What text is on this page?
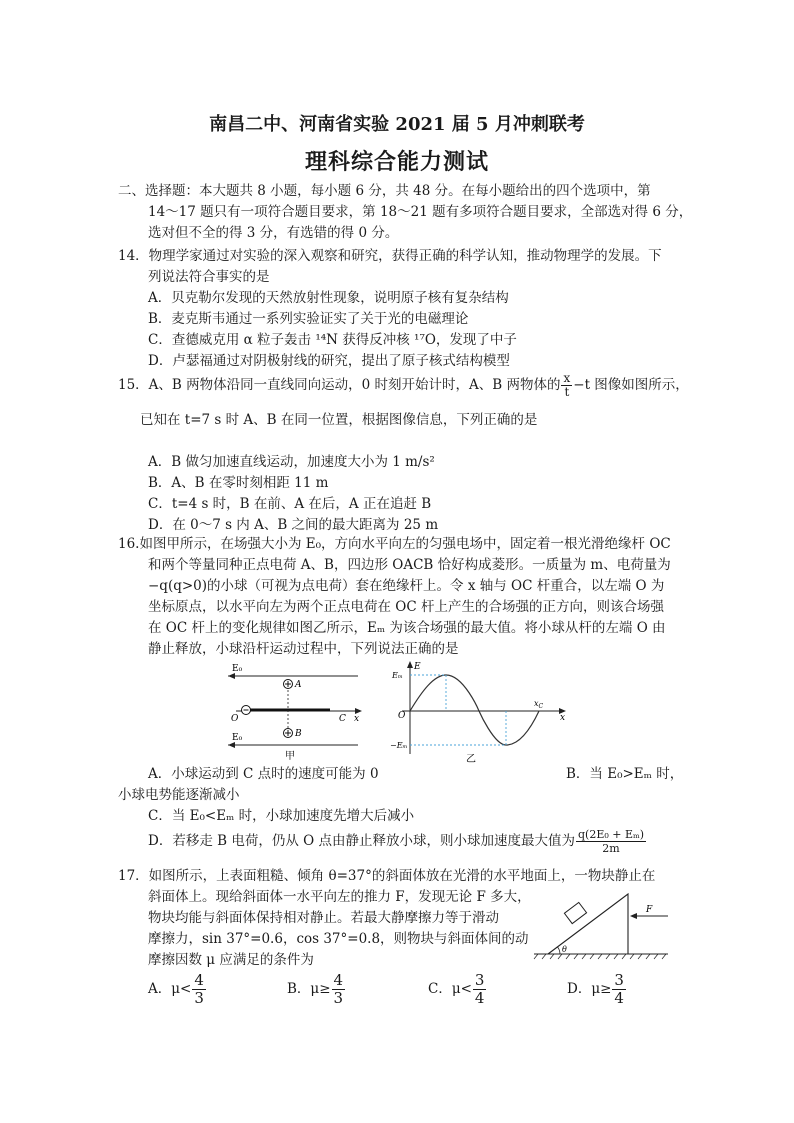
南昌二中、河南省实验 2021 届 5 月冲刺联考
理科综合能力测试
二、选择题：本大题共 8 小题，每小题 6 分，共 48 分。在每小题给出的四个选项中，第
14～17 题只有一项符合题目要求，第 18～21 题有多项符合题目要求，全部选对得 6 分，
选对但不全的得 3 分，有选错的得 0 分。
14．物理学家通过对实验的深入观察和研究，获得正确的科学认知，推动物理学的发展。下
列说法符合事实的是
A．贝克勒尔发现的天然放射性现象，说明原子核有复杂结构
B．麦克斯韦通过一系列实验证实了关于光的电磁理论
C．查德威克用 α 粒子轰击 ¹⁴N 获得反冲核 ¹⁷O，发现了中子
D．卢瑟福通过对阴极射线的研究，提出了原子核式结构模型
15．A、B 两物体沿同一直线同向运动，0 时刻开始计时，A、B 两物体的 $\frac{x}{t} -t$ 图像如图所示，
已知在 t=7 s 时 A、B 在同一位置，根据图像信息，下列正确的是
A．B 做匀加速直线运动，加速度大小为 1 m/s²
B．A、B 在零时刻相距 11 m
C．t=4 s 时，B 在前、A 在后，A 正在追赶 B
D．在 0～7 s 内 A、B 之间的最大距离为 25 m
16.如图甲所示，在场强大小为 E₀，方向水平向左的匀强电场中，固定着一根光滑绝缘杆 OC
和两个等量同种正点电荷 A、B，四边形 OACB 恰好构成菱形。一质量为 m、电荷量为
−q(q>0)的小球（可视为点电荷）套在绝缘杆上。令 x 轴与 OC 杆重合，以左端 O 为
坐标原点，以水平向左为两个正点电荷在 OC 杆上产生的合场强的正方向，则该合场强
在 OC 杆上的变化规律如图乙所示，Eₘ 为该合场强的最大值。将小球从杆的左端 O 由
静止释放，小球沿杆运动过程中，下列说法正确的是
E₀
E₀
A
B
O	C x
甲
E
Eₘ
O
−Eₘ
$x_C$
x
乙
A．小球运动到 C 点时的速度可能为 0	B．当 E₀>Eₘ 时，
小球电势能逐渐减小
C．当 E₀<Eₘ 时，小球加速度先增大后减小
D．若移走 B 电荷，仍从 O 点由静止释放小球，则小球加速度最大值为 $\frac{\text{q(2E₀ + Eₘ)}}{2m}$
17．如图所示，上表面粗糙、倾角 θ=37°的斜面体放在光滑的水平地面上，一物块静止在
斜面体上。现给斜面体一水平向左的推力 F，发现无论 F 多大，
物块均能与斜面体保持相对静止。若最大静摩擦力等于滑动
摩擦力，sin 37°=0.6，cos 37°=0.8，则物块与斜面体间的动
摩擦因数 μ 应满足的条件为
F
θ
A．$\mu< \frac{4}{3}$	B．$\mu\ge \frac{4}{3}$	C．$\mu< \frac{3}{4}$	D．$\mu\ge \frac{3}{4}$
